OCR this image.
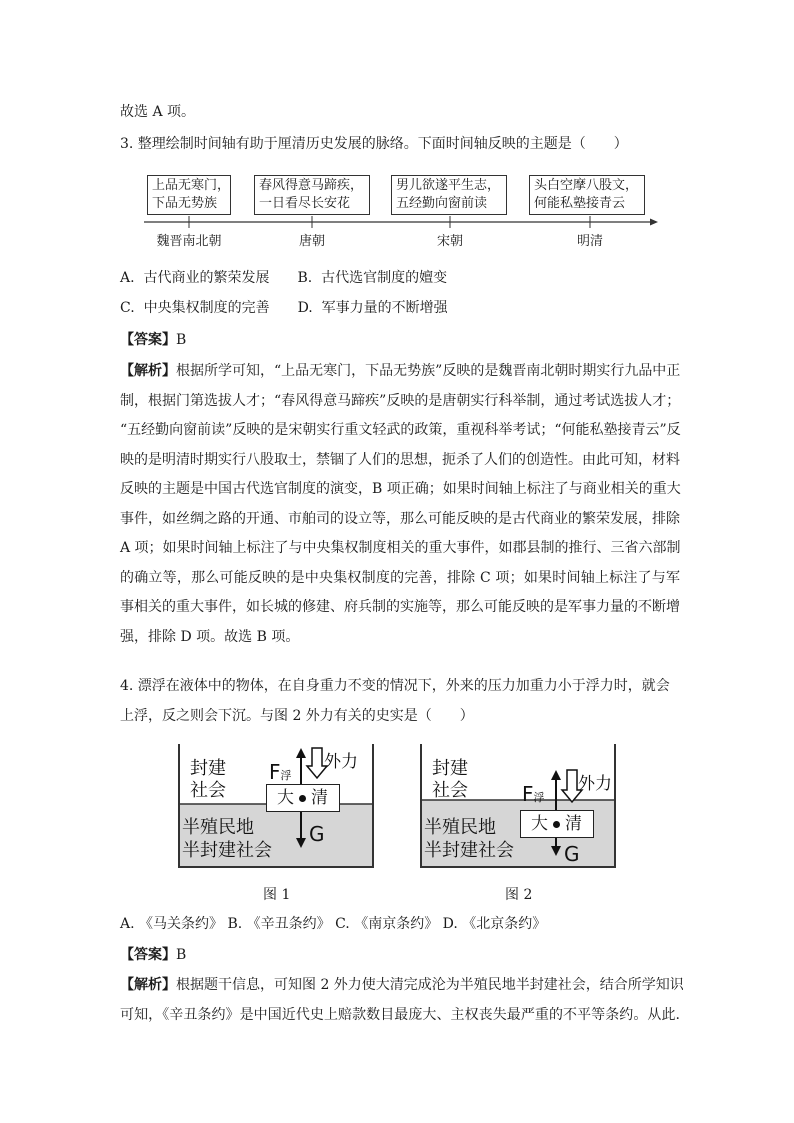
故选 A 项。
3. 整理绘制时间轴有助于厘清历史发展的脉络。下面时间轴反映的主题是（　　）
上品无寒门，
下品无势族
春风得意马蹄疾，
一日看尽长安花
男儿欲遂平生志，
五经勤向窗前读
头白空摩八股文，
何能私塾接青云
魏晋南北朝	唐朝	宋朝	明清
A.  古代商业的繁荣发展　　B.  古代选官制度的嬗变
C.  中央集权制度的完善　　D.  军事力量的不断增强
【答案】B
【解析】根据所学可知，“上品无寒门，下品无势族”反映的是魏晋南北朝时期实行九品中正
制，根据门第选拔人才；“春风得意马蹄疾”反映的是唐朝实行科举制，通过考试选拔人才；
“五经勤向窗前读”反映的是宋朝实行重文轻武的政策，重视科举考试；“何能私塾接青云”反
映的是明清时期实行八股取士，禁锢了人们的思想，扼杀了人们的创造性。由此可知，材料
反映的主题是中国古代选官制度的演变，B 项正确；如果时间轴上标注了与商业相关的重大
事件，如丝绸之路的开通、市舶司的设立等，那么可能反映的是古代商业的繁荣发展，排除
A 项；如果时间轴上标注了与中央集权制度相关的重大事件，如郡县制的推行、三省六部制
的确立等，那么可能反映的是中央集权制度的完善，排除 C 项；如果时间轴上标注了与军
事相关的重大事件，如长城的修建、府兵制的实施等，那么可能反映的是军事力量的不断增
强，排除 D 项。故选 B 项。
4. 漂浮在液体中的物体，在自身重力不变的情况下，外来的压力加重力小于浮力时，就会
上浮，反之则会下沉。与图 2 外力有关的史实是（　　）
封建
社会
F浮
外力
大 清
半殖民地
半封建社会
G
图 1
封建
社会	F浮
外力
大 清
半殖民地
半封建社会	G
图 2
A. 《马关条约》 B. 《辛丑条约》 C. 《南京条约》 D. 《北京条约》
【答案】B
【解析】根据题干信息，可知图 2 外力使大清完成沦为半殖民地半封建社会，结合所学知识
可知，《辛丑条约》是中国近代史上赔款数目最庞大、主权丧失最严重的不平等条约。从此.
